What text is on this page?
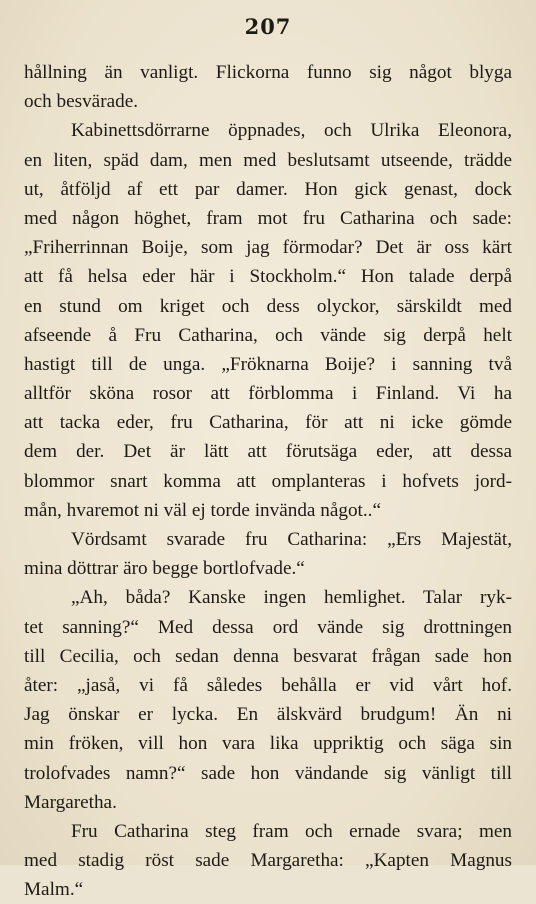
207
hållning än vanligt. Flickorna funno sig något blyga
och besvärade.
Kabinettsdörrarne öppnades, och Ulrika Eleonora,
en liten, späd dam, men med beslutsamt utseende, trädde
ut, åtföljd af ett par damer. Hon gick genast, dock
med någon höghet, fram mot fru Catharina och sade:
„Friherrinnan Boije, som jag förmodar? Det är oss kärt
att få helsa eder här i Stockholm.“ Hon talade derpå
en stund om kriget och dess olyckor, särskildt med
afseende å Fru Catharina, och vände sig derpå helt
hastigt till de unga. „Fröknarna Boije? i sanning två
alltför sköna rosor att förblomma i Finland. Vi ha
att tacka eder, fru Catharina, för att ni icke gömde
dem der. Det är lätt att förutsäga eder, att dessa
blommor snart komma att omplanteras i hofvets jord-
mån, hvaremot ni väl ej torde invända något..“
Vördsamt svarade fru Catharina: „Ers Majestät,
mina döttrar äro begge bortlofvade.“
„Ah, båda? Kanske ingen hemlighet. Talar ryk-
tet sanning?“ Med dessa ord vände sig drottningen
till Cecilia, och sedan denna besvarat frågan sade hon
åter: „jaså, vi få således behålla er vid vårt hof.
Jag önskar er lycka. En älskvärd brudgum! Än ni
min fröken, vill hon vara lika uppriktig och säga sin
trolofvades namn?“ sade hon vändande sig vänligt till
Margaretha.
Fru Catharina steg fram och ernade svara; men
med stadig röst sade Margaretha: „Kapten Magnus
Malm.“
